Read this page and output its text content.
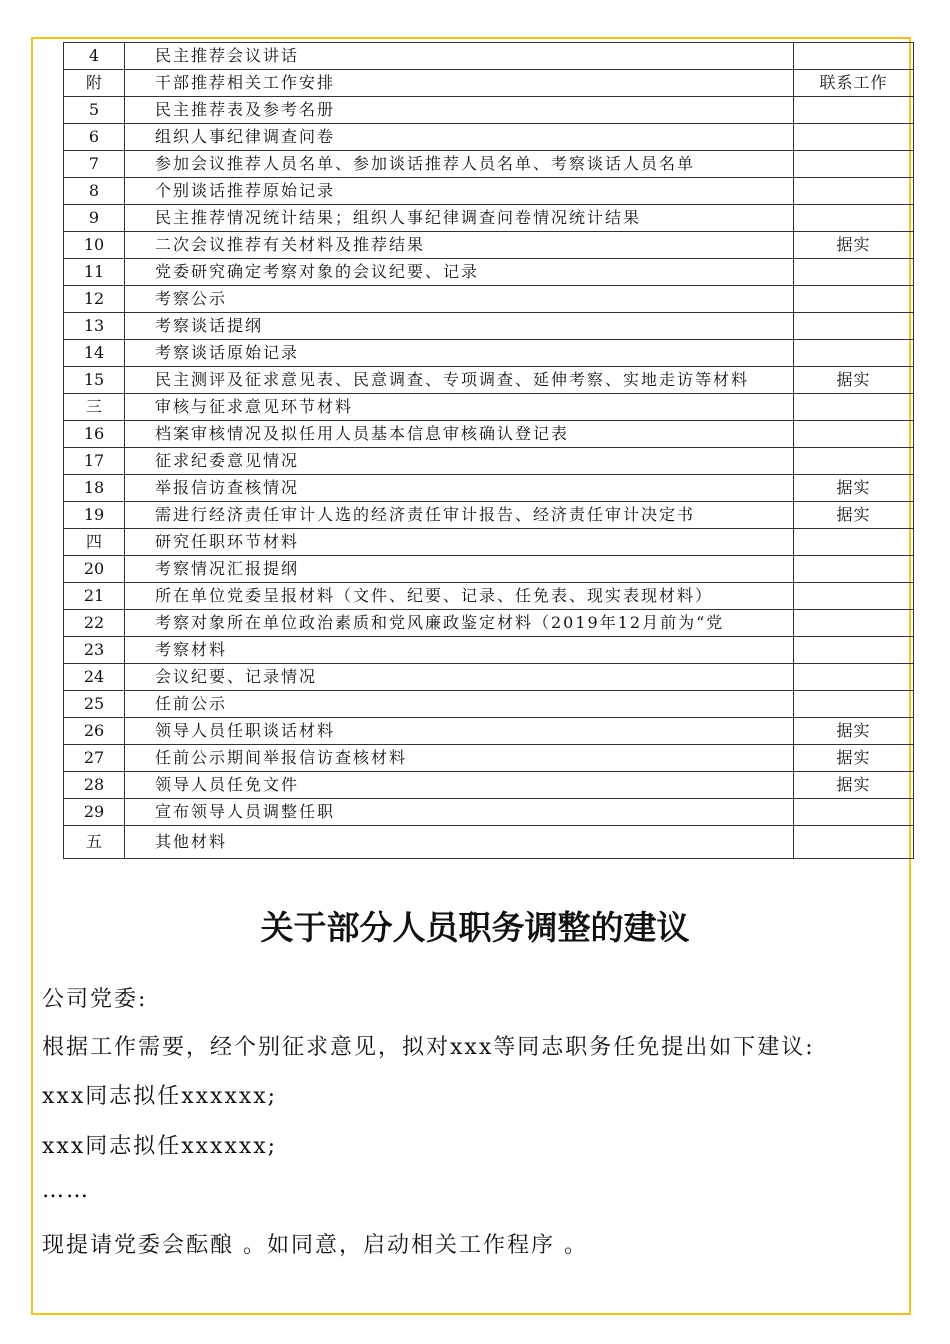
4	民主推荐会议讲话	
附	干部推荐相关工作安排	联系工作
5	民主推荐表及参考名册	
6	组织人事纪律调查问卷	
7	参加会议推荐人员名单、参加谈话推荐人员名单、考察谈话人员名单	
8	个别谈话推荐原始记录	
9	民主推荐情况统计结果；组织人事纪律调查问卷情况统计结果	
10	二次会议推荐有关材料及推荐结果	据实
11	党委研究确定考察对象的会议纪要、记录	
12	考察公示	
13	考察谈话提纲	
14	考察谈话原始记录	
15	民主测评及征求意见表、民意调查、专项调查、延伸考察、实地走访等材料	据实
三	审核与征求意见环节材料	
16	档案审核情况及拟任用人员基本信息审核确认登记表	
17	征求纪委意见情况	
18	举报信访查核情况	据实
19	需进行经济责任审计人选的经济责任审计报告、经济责任审计决定书	据实
四	研究任职环节材料	
20	考察情况汇报提纲	
21	所在单位党委呈报材料（文件、纪要、记录、任免表、现实表现材料）	
22	考察对象所在单位政治素质和党风廉政鉴定材料（2019年12月前为“党	
23	考察材料	
24	会议纪要、记录情况	
25	任前公示	
26	领导人员任职谈话材料	据实
27	任前公示期间举报信访查核材料	据实
28	领导人员任免文件	据实
29	宣布领导人员调整任职	
五	其他材料	
关于部分人员职务调整的建议
公司党委:
根据工作需要，经个别征求意见，拟对xxx等同志职务任免提出如下建议:
xxx同志拟任xxxxxx;
xxx同志拟任xxxxxx;
……
现提请党委会酝酿 。如同意，启动相关工作程序 。
